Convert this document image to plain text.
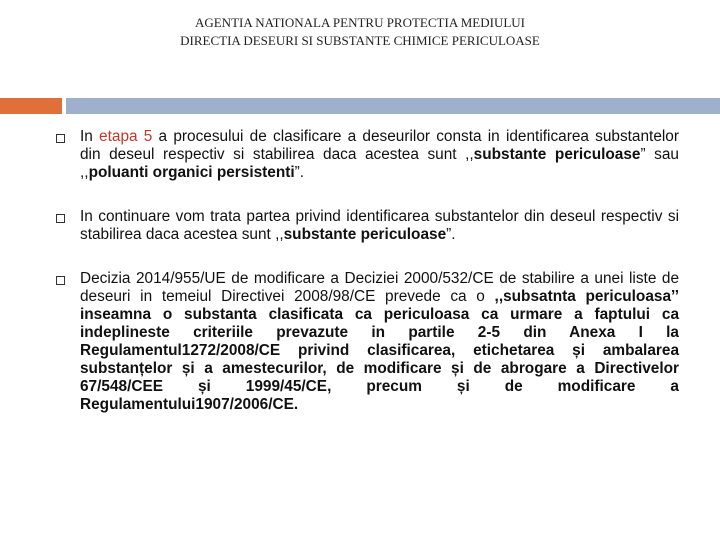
AGENTIA NATIONALA PENTRU PROTECTIA MEDIULUI
DIRECTIA DESEURI SI SUBSTANTE CHIMICE PERICULOASE
In etapa 5 a procesului de clasificare a deseurilor consta in identificarea substantelor din deseul respectiv si stabilirea daca acestea sunt ,,substante periculoase” sau ,,poluanti organici persistenti”.
In continuare vom trata partea privind identificarea substantelor din deseul respectiv si stabilirea daca acestea sunt ,,substante periculoase”.
Decizia 2014/955/UE de modificare a Deciziei 2000/532/CE de stabilire a unei liste de deseuri in temeiul Directivei 2008/98/CE prevede ca o ,,subsatnta periculoasa’’ inseamna o substanta clasificata ca periculoasa ca urmare a faptului ca indeplineste criteriile prevazute in partile 2-5 din Anexa I la Regulamentul1272/2008/CE privind clasificarea, etichetarea și ambalarea substanțelor și a amestecurilor, de modificare și de abrogare a Directivelor 67/548/CEE și 1999/45/CE, precum și de modificare a Regulamentului1907/2006/CE.
